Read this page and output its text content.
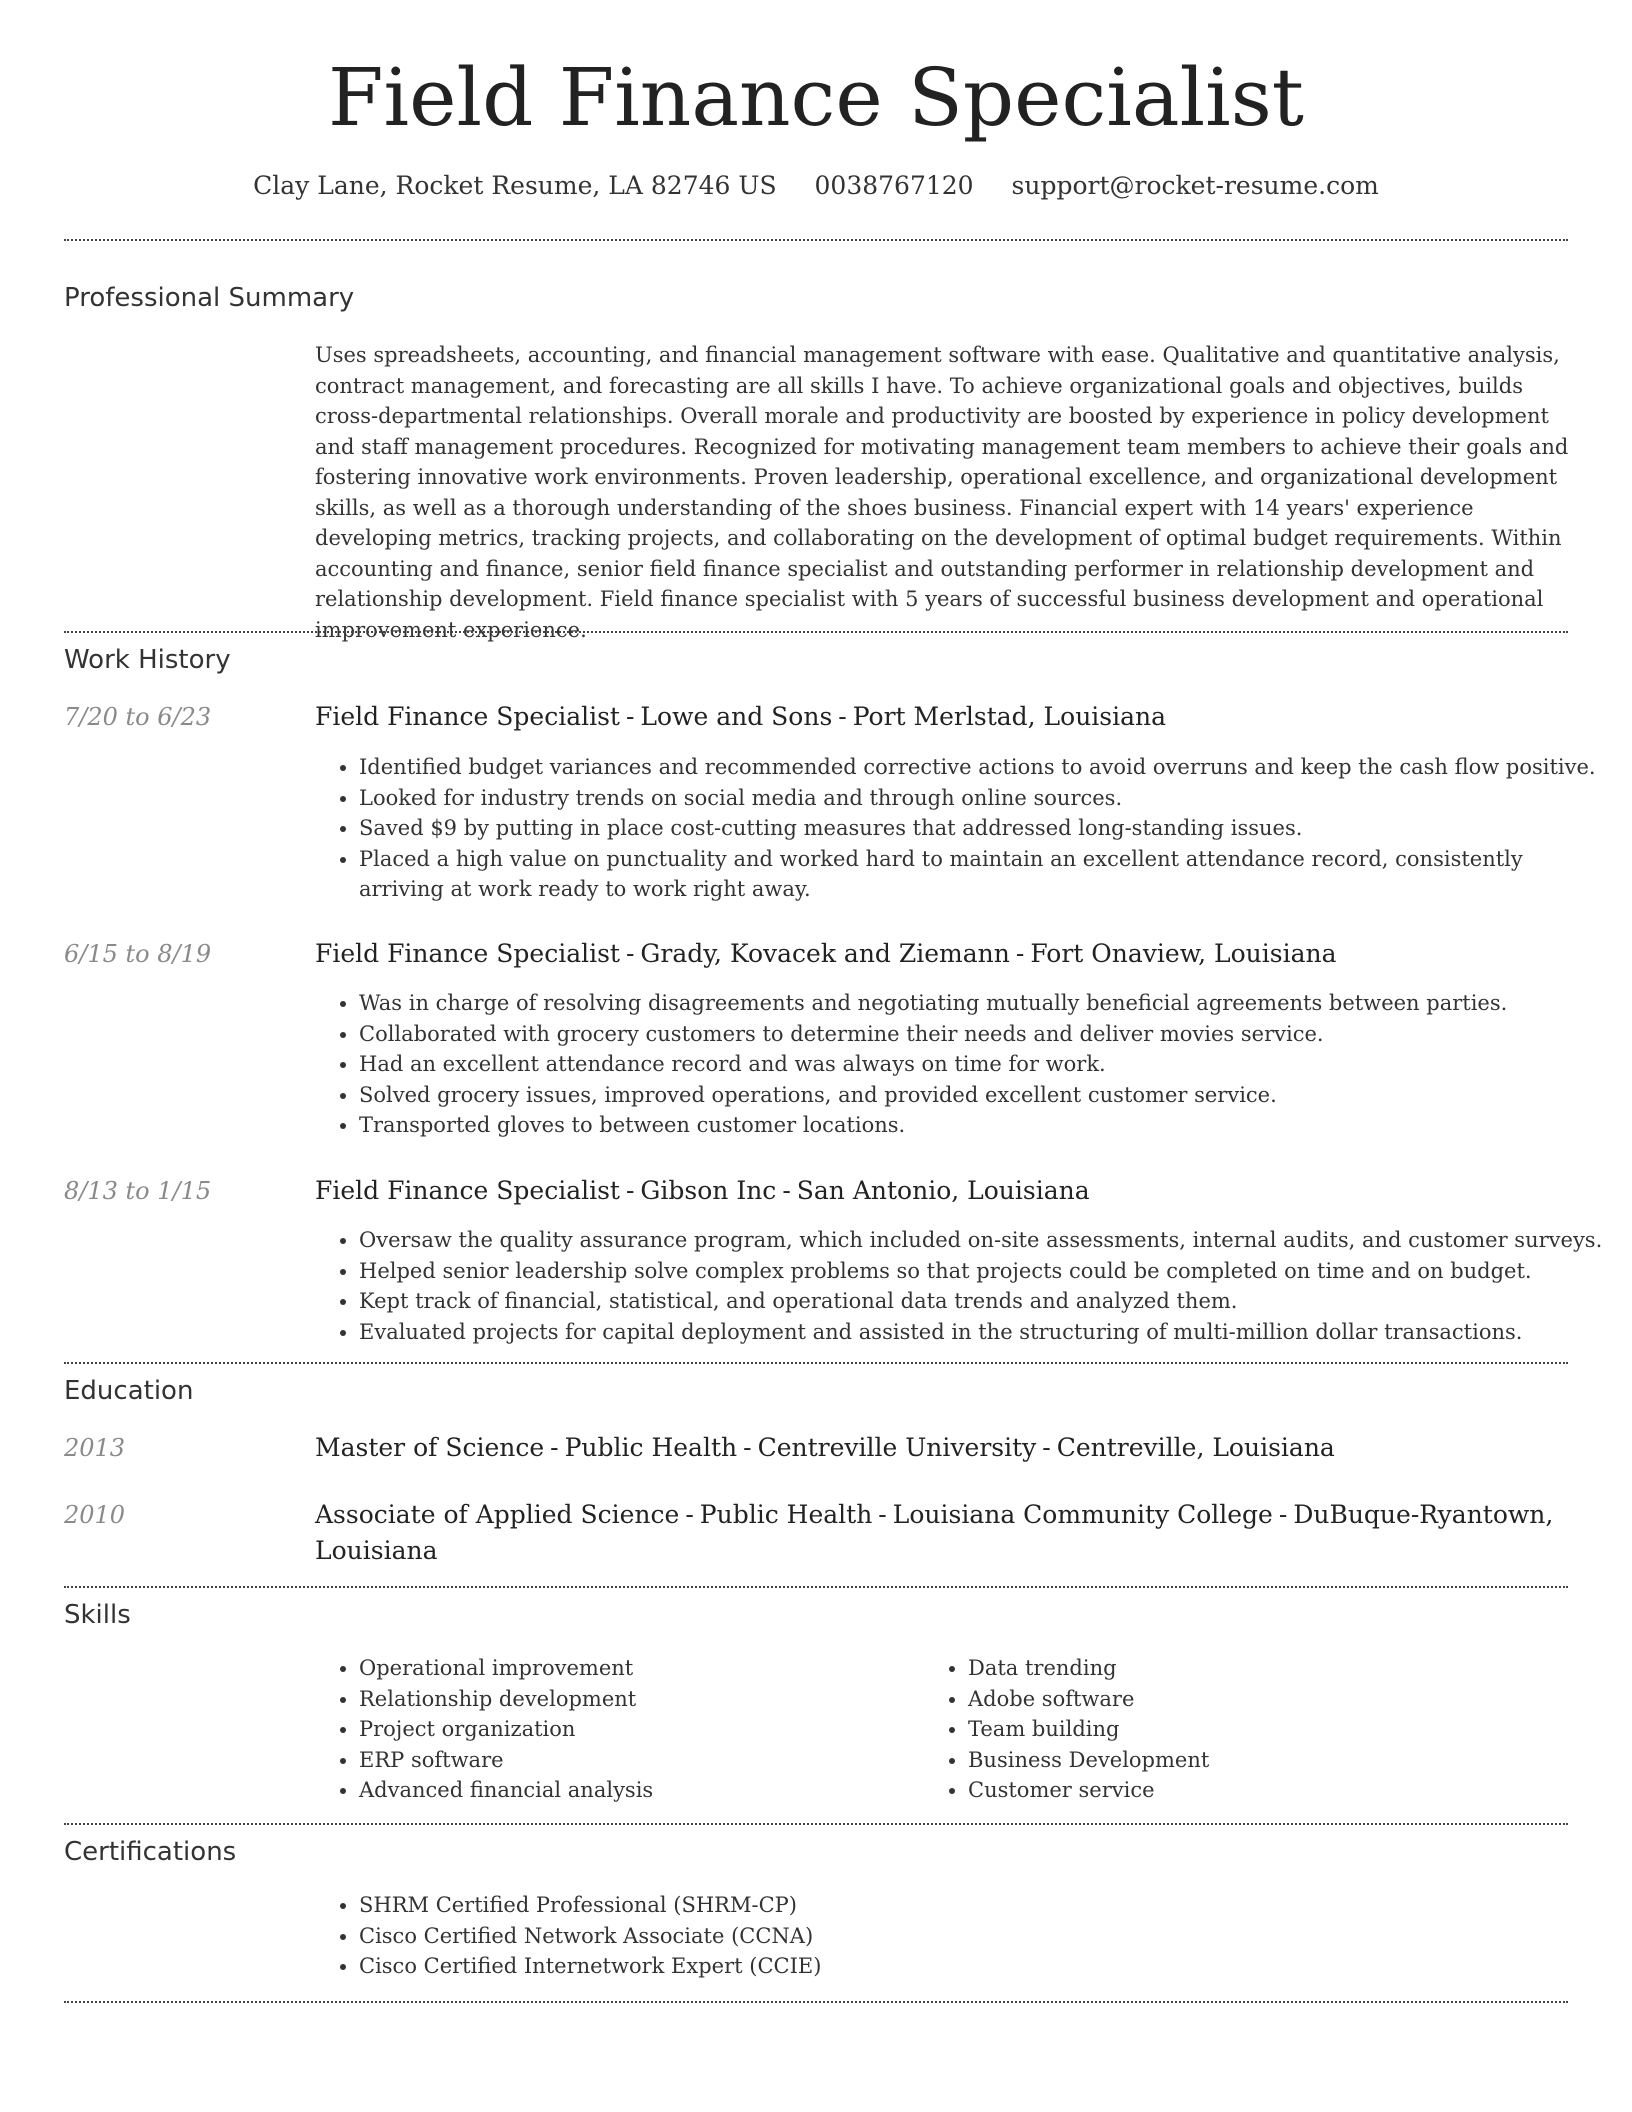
Field Finance Specialist
Clay Lane, Rocket Resume, LA 82746 US 0038767120 support@rocket-resume.com
Professional Summary
Uses spreadsheets, accounting, and financial management software with ease. Qualitative and quantitative analysis, contract management, and forecasting are all skills I have. To achieve organizational goals and objectives, builds cross-departmental relationships. Overall morale and productivity are boosted by experience in policy development and staff management procedures. Recognized for motivating management team members to achieve their goals and fostering innovative work environments. Proven leadership, operational excellence, and organizational development skills, as well as a thorough understanding of the shoes business. Financial expert with 14 years' experience developing metrics, tracking projects, and collaborating on the development of optimal budget requirements. Within accounting and finance, senior field finance specialist and outstanding performer in relationship development and relationship development. Field finance specialist with 5 years of successful business development and operational improvement experience.
Work History
7/20 to 6/23	Field Finance Specialist - Lowe and Sons - Port Merlstad, Louisiana
• Identified budget variances and recommended corrective actions to avoid overruns and keep the cash flow positive.
• Looked for industry trends on social media and through online sources.
• Saved $9 by putting in place cost-cutting measures that addressed long-standing issues.
• Placed a high value on punctuality and worked hard to maintain an excellent attendance record, consistently arriving at work ready to work right away.
6/15 to 8/19	Field Finance Specialist - Grady, Kovacek and Ziemann - Fort Onaview, Louisiana
• Was in charge of resolving disagreements and negotiating mutually beneficial agreements between parties.
• Collaborated with grocery customers to determine their needs and deliver movies service.
• Had an excellent attendance record and was always on time for work.
• Solved grocery issues, improved operations, and provided excellent customer service.
• Transported gloves to between customer locations.
8/13 to 1/15	Field Finance Specialist - Gibson Inc - San Antonio, Louisiana
• Oversaw the quality assurance program, which included on-site assessments, internal audits, and customer surveys.
• Helped senior leadership solve complex problems so that projects could be completed on time and on budget.
• Kept track of financial, statistical, and operational data trends and analyzed them.
• Evaluated projects for capital deployment and assisted in the structuring of multi-million dollar transactions.
Education
2013	Master of Science - Public Health - Centreville University - Centreville, Louisiana
2010	Associate of Applied Science - Public Health - Louisiana Community College - DuBuque-Ryantown, Louisiana
Skills
• Operational improvement
• Relationship development
• Project organization
• ERP software
• Advanced financial analysis
• Data trending
• Adobe software
• Team building
• Business Development
• Customer service
Certifications
• SHRM Certified Professional (SHRM-CP)
• Cisco Certified Network Associate (CCNA)
• Cisco Certified Internetwork Expert (CCIE)
